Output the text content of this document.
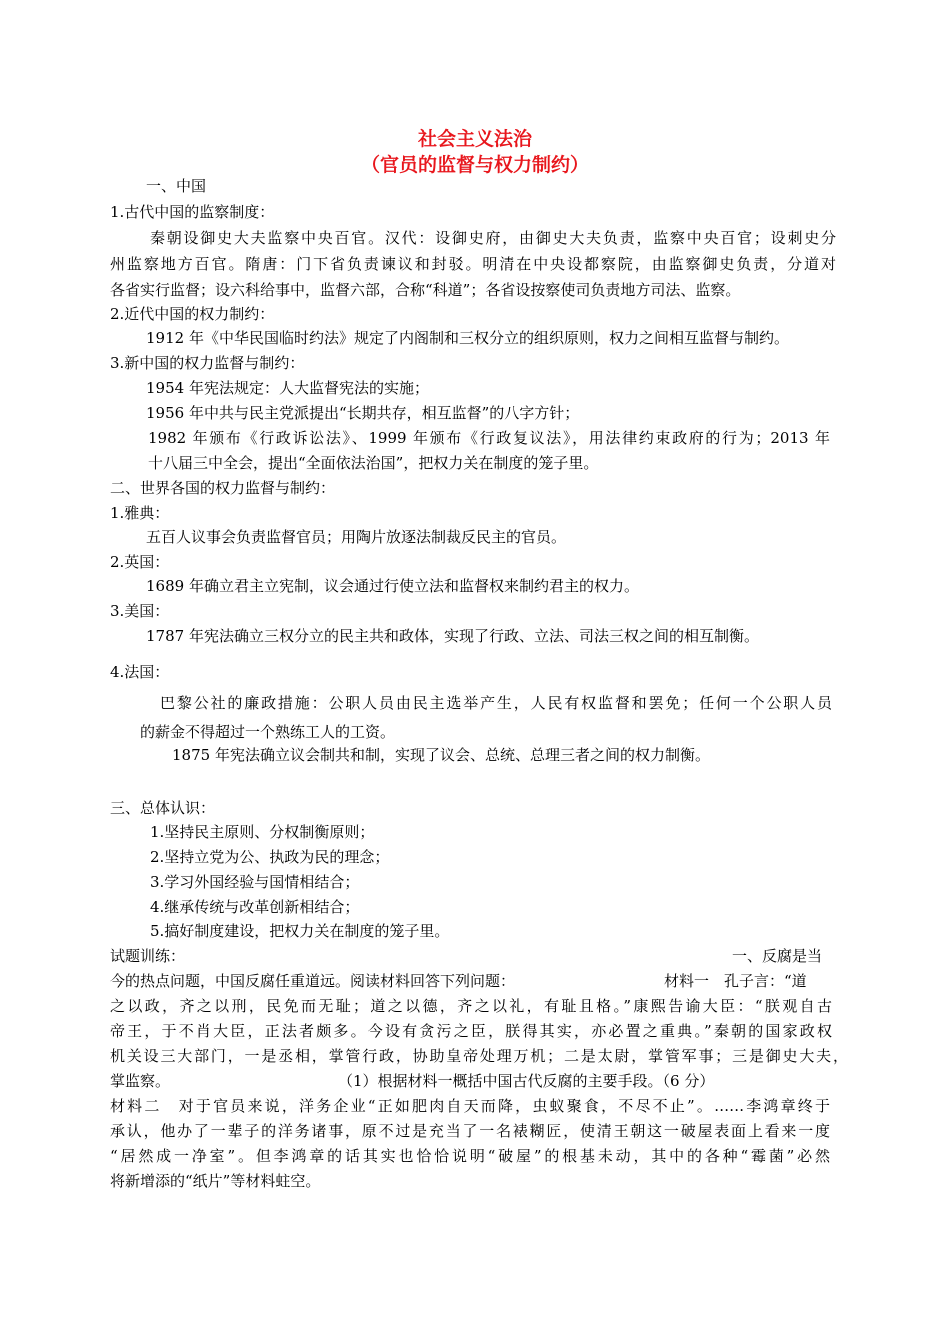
社会主义法治
（官员的监督与权力制约）
一、中国
1.古代中国的监察制度：
秦朝设御史大夫监察中央百官。汉代：设御史府，由御史大夫负责，监察中央百官；设刺史分
州监察地方百官。隋唐：门下省负责谏议和封驳。明清在中央设都察院，由监察御史负责，分道对
各省实行监督；设六科给事中，监督六部，合称“科道”；各省设按察使司负责地方司法、监察。
2.近代中国的权力制约：
1912 年《中华民国临时约法》规定了内阁制和三权分立的组织原则，权力之间相互监督与制约。
3.新中国的权力监督与制约：
1954 年宪法规定：人大监督宪法的实施；
1956 年中共与民主党派提出“长期共存，相互监督”的八字方针；
1982 年颁布《行政诉讼法》、1999 年颁布《行政复议法》，用法律约束政府的行为；2013 年
十八届三中全会，提出“全面依法治国”，把权力关在制度的笼子里。
二、世界各国的权力监督与制约：
1.雅典：
五百人议事会负责监督官员；用陶片放逐法制裁反民主的官员。
2.英国：
1689 年确立君主立宪制，议会通过行使立法和监督权来制约君主的权力。
3.美国：
1787 年宪法确立三权分立的民主共和政体，实现了行政、立法、司法三权之间的相互制衡。
4.法国：
巴黎公社的廉政措施：公职人员由民主选举产生，人民有权监督和罢免；任何一个公职人员
的薪金不得超过一个熟练工人的工资。
1875 年宪法确立议会制共和制，实现了议会、总统、总理三者之间的权力制衡。
三、总体认识：
1.坚持民主原则、分权制衡原则；
2.坚持立党为公、执政为民的理念；
3.学习外国经验与国情相结合；
4.继承传统与改革创新相结合；
5.搞好制度建设，把权力关在制度的笼子里。
试题训练：	一、反腐是当
今的热点问题，中国反腐任重道远。阅读材料回答下列问题：	材料一　孔子言：“道
之以政，齐之以刑，民免而无耻；道之以德，齐之以礼，有耻且格。”康熙告谕大臣：“朕观自古
帝王，于不肖大臣，正法者颇多。今设有贪污之臣，朕得其实，亦必置之重典。”秦朝的国家政权
机关设三大部门，一是丞相，掌管行政，协助皇帝处理万机；二是太尉，掌管军事；三是御史大夫，
掌监察。	（1）根据材料一概括中国古代反腐的主要手段。（6 分）
材料二　对于官员来说，洋务企业“正如肥肉自天而降，虫蚁聚食，不尽不止”。……李鸿章终于
承认，他办了一辈子的洋务诸事，原不过是充当了一名裱糊匠，使清王朝这一破屋表面上看来一度
“居然成一净室”。但李鸿章的话其实也恰恰说明“破屋”的根基未动，其中的各种“霉菌”必然
将新增添的“纸片”等材料蛀空。
